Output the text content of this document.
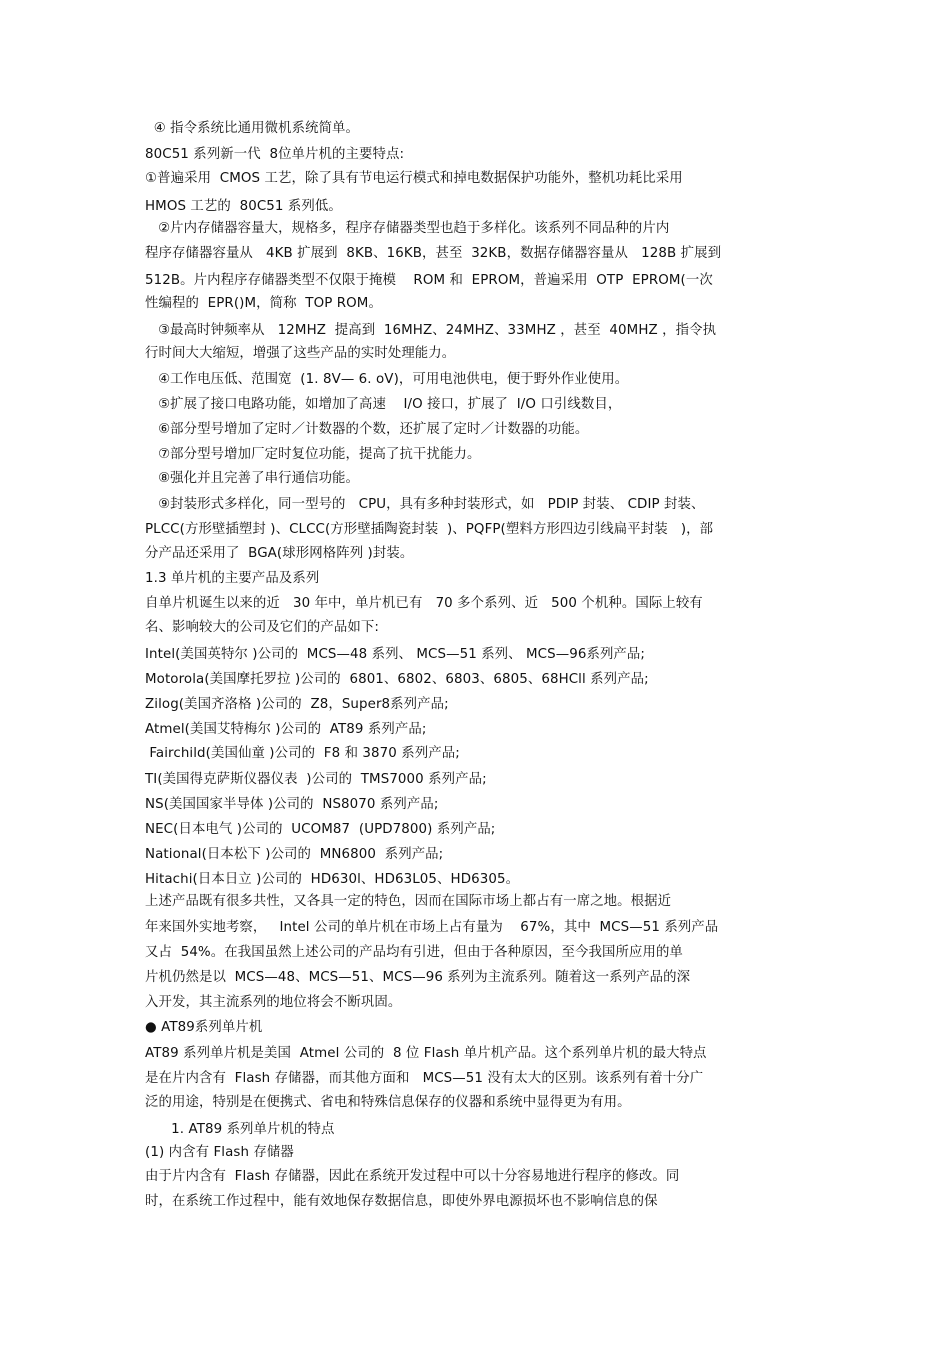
④ 指令系统比通用微机系统简单。
80C51 系列新一代  8位单片机的主要特点:
①普遍采用  CMOS 工艺，除了具有节电运行模式和掉电数据保护功能外，整机功耗比采用
HMOS 工艺的  80C51 系列低。
②片内存储器容量大，规格多，程序存储器类型也趋于多样化。该系列不同品种的片内
程序存储器容量从   4KB 扩展到  8KB、16KB，甚至  32KB，数据存储器容量从   128B 扩展到
512B。片内程序存储器类型不仅限于掩模    ROM 和  EPROM，普遍采用  OTP  EPROM(一次
性编程的  EPR()M，简称  TOP ROM。
③最高时钟频率从   12MHZ  提高到  16MHZ、24MHZ、33MHZ ，甚至  40MHZ ，指令执
行时间大大缩短，增强了这些产品的实时处理能力。
④工作电压低、范围宽  (1. 8V— 6. oV)，可用电池供电，便于野外作业使用。
⑤扩展了接口电路功能，如增加了高速    I/O 接口，扩展了  I/O 口引线数目，
⑥部分型号增加了定时／计数器的个数，还扩展了定时／计数器的功能。
⑦部分型号增加厂定时复位功能，提高了抗干扰能力。
⑧强化并且完善了串行通信功能。
⑨封装形式多样化，同一型号的   CPU，具有多种封装形式，如   PDIP 封装、 CDIP 封装、
PLCC(方形壁插塑封 )、CLCC(方形壁插陶瓷封装  )、PQFP(塑料方形四边引线扁平封装   )，部
分产品还采用了  BGA(球形网格阵列 )封装。
1.3 单片机的主要产品及系列
自单片机诞生以来的近   30 年中，单片机已有   70 多个系列、近   500 个机种。国际上较有
名、影响较大的公司及它们的产品如下:
Intel(美国英特尔 )公司的  MCS—48 系列、 MCS—51 系列、 MCS—96系列产品;
Motorola(美国摩托罗拉 )公司的  6801、6802、6803、6805、68HCll 系列产品;
Zilog(美国齐洛格 )公司的  Z8，Super8系列产品;
Atmel(美国艾特梅尔 )公司的  AT89 系列产品;
Fairchild(美国仙童 )公司的  F8 和 3870 系列产品;
TI(美国得克萨斯仪器仪表  )公司的  TMS7000 系列产品;
NS(美国国家半导体 )公司的  NS8070 系列产品;
NEC(日本电气 )公司的  UCOM87  (UPD7800) 系列产品;
National(日本松下 )公司的  MN6800  系列产品;
Hitachi(日本日立 )公司的  HD630l、HD63L05、HD6305。
上述产品既有很多共性，又各具一定的特色，因而在国际市场上都占有一席之地。根据近
年来国外实地考察，   Intel 公司的单片机在市场上占有量为    67%，其中  MCS—51 系列产品
又占  54%。在我国虽然上述公司的产品均有引进，但由于各种原因，至今我国所应用的单
片机仍然是以  MCS—48、MCS—51、MCS—96 系列为主流系列。随着这一系列产品的深
入开发，其主流系列的地位将会不断巩固。
● AT89系列单片机
AT89 系列单片机是美国  Atmel 公司的  8 位 Flash 单片机产品。这个系列单片机的最大特点
是在片内含有  Flash 存储器，而其他方面和   MCS—51 没有太大的区别。该系列有着十分广
泛的用途，特别是在便携式、省电和特殊信息保存的仪器和系统中显得更为有用。
1. AT89 系列单片机的特点
(1) 内含有 Flash 存储器
由于片内含有  Flash 存储器，因此在系统开发过程中可以十分容易地进行程序的修改。同
时，在系统工作过程中，能有效地保存数据信息，即使外界电源损坏也不影响信息的保
